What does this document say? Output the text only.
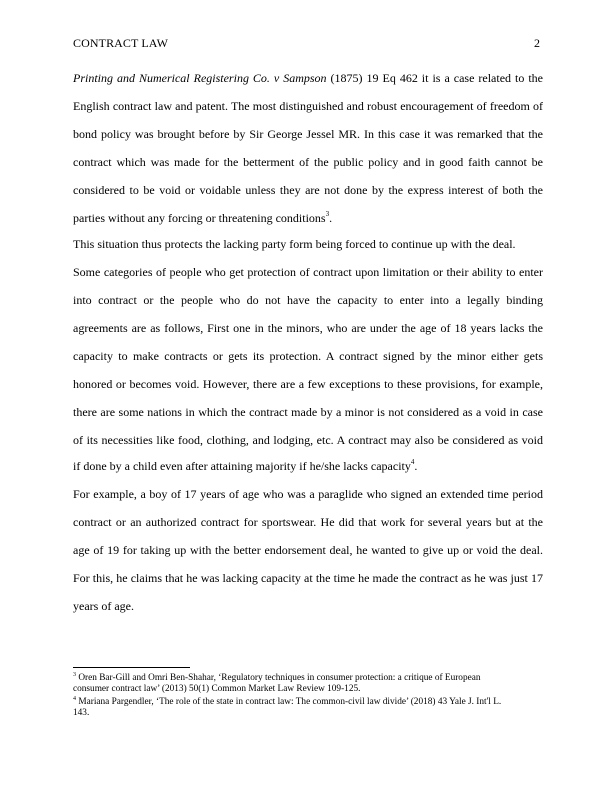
CONTRACT LAW	2
Printing and Numerical Registering Co. v Sampson (1875) 19 Eq 462 it is a case related to the
English contract law and patent. The most distinguished and robust encouragement of freedom of
bond policy was brought before by Sir George Jessel MR. In this case it was remarked that the
contract which was made for the betterment of the public policy and in good faith cannot be
considered to be void or voidable unless they are not done by the express interest of both the
parties without any forcing or threatening conditions$^3$.
This situation thus protects the lacking party form being forced to continue up with the deal.
Some categories of people who get protection of contract upon limitation or their ability to enter
into contract or the people who do not have the capacity to enter into a legally binding
agreements are as follows, First one in the minors, who are under the age of 18 years lacks the
capacity to make contracts or gets its protection. A contract signed by the minor either gets
honored or becomes void. However, there are a few exceptions to these provisions, for example,
there are some nations in which the contract made by a minor is not considered as a void in case
of its necessities like food, clothing, and lodging, etc. A contract may also be considered as void
if done by a child even after attaining majority if he/she lacks capacity$^4$.
For example, a boy of 17 years of age who was a paraglide who signed an extended time period
contract or an authorized contract for sportswear. He did that work for several years but at the
age of 19 for taking up with the better endorsement deal, he wanted to give up or void the deal.
For this, he claims that he was lacking capacity at the time he made the contract as he was just 17
years of age.
$^3$ Oren Bar-Gill and Omri Ben-Shahar, ‘Regulatory techniques in consumer protection: a critique of European
consumer contract law’ (2013) 50(1) Common Market Law Review 109-125.
$^4$ Mariana Pargendler, ‘The role of the state in contract law: The common-civil law divide’ (2018) 43 Yale J. Int'l L.
143.
